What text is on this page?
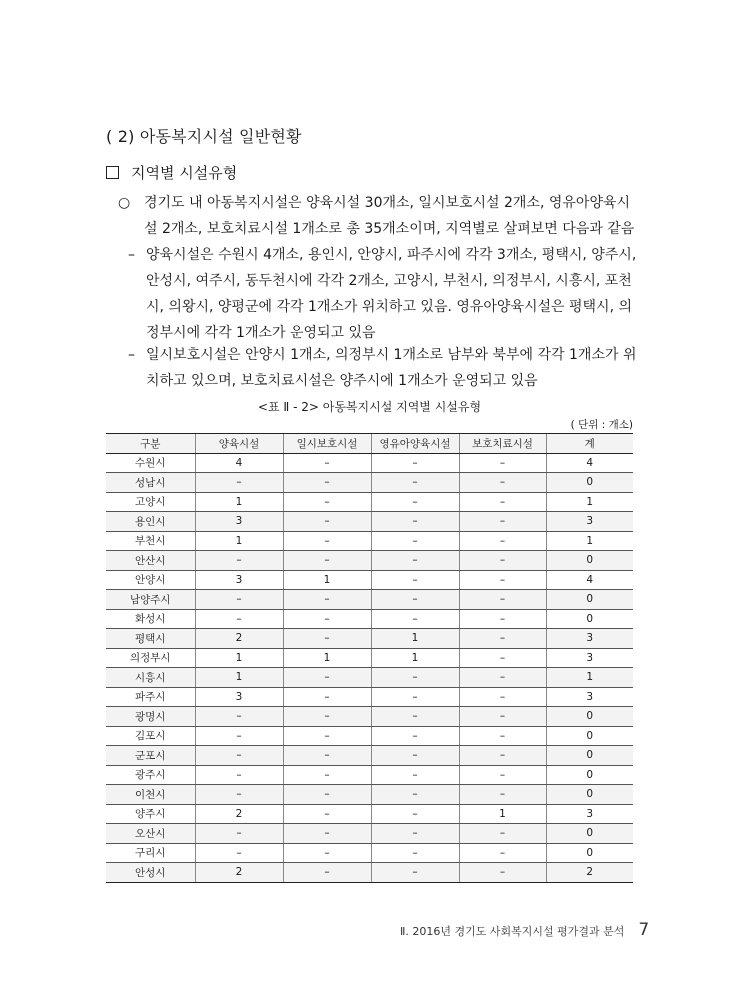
( 2) 아동복지시설 일반현황
지역별 시설유형
○ 경기도 내 아동복지시설은 양육시설 30개소, 일시보호시설 2개소, 영유아양육시설 2개소, 보호치료시설 1개소로 총 35개소이며, 지역별로 살펴보면 다음과 같음
– 양육시설은 수원시 4개소, 용인시, 안양시, 파주시에 각각 3개소, 평택시, 양주시, 안성시, 여주시, 동두천시에 각각 2개소, 고양시, 부천시, 의정부시, 시흥시, 포천시, 의왕시, 양평군에 각각 1개소가 위치하고 있음. 영유아양육시설은 평택시, 의정부시에 각각 1개소가 운영되고 있음
– 일시보호시설은 안양시 1개소, 의정부시 1개소로 남부와 북부에 각각 1개소가 위치하고 있으며, 보호치료시설은 양주시에 1개소가 운영되고 있음
<표 Ⅱ - 2> 아동복지시설 지역별 시설유형
( 단위 : 개소)
구분	양육시설	일시보호시설	영유아양육시설	보호치료시설	계
수원시	4	–	–	–	4
성남시	–	–	–	–	0
고양시	1	–	–	–	1
용인시	3	–	–	–	3
부천시	1	–	–	–	1
안산시	–	–	–	–	0
안양시	3	1	–	–	4
남양주시	–	–	–	–	0
화성시	–	–	–	–	0
평택시	2	–	1	–	3
의정부시	1	1	1	–	3
시흥시	1	–	–	–	1
파주시	3	–	–	–	3
광명시	–	–	–	–	0
김포시	–	–	–	–	0
군포시	–	–	–	–	0
광주시	–	–	–	–	0
이천시	–	–	–	–	0
양주시	2	–	–	1	3
오산시	–	–	–	–	0
구리시	–	–	–	–	0
안성시	2	–	–	–	2
Ⅱ. 2016년 경기도 사회복지시설 평가결과 분석 7
